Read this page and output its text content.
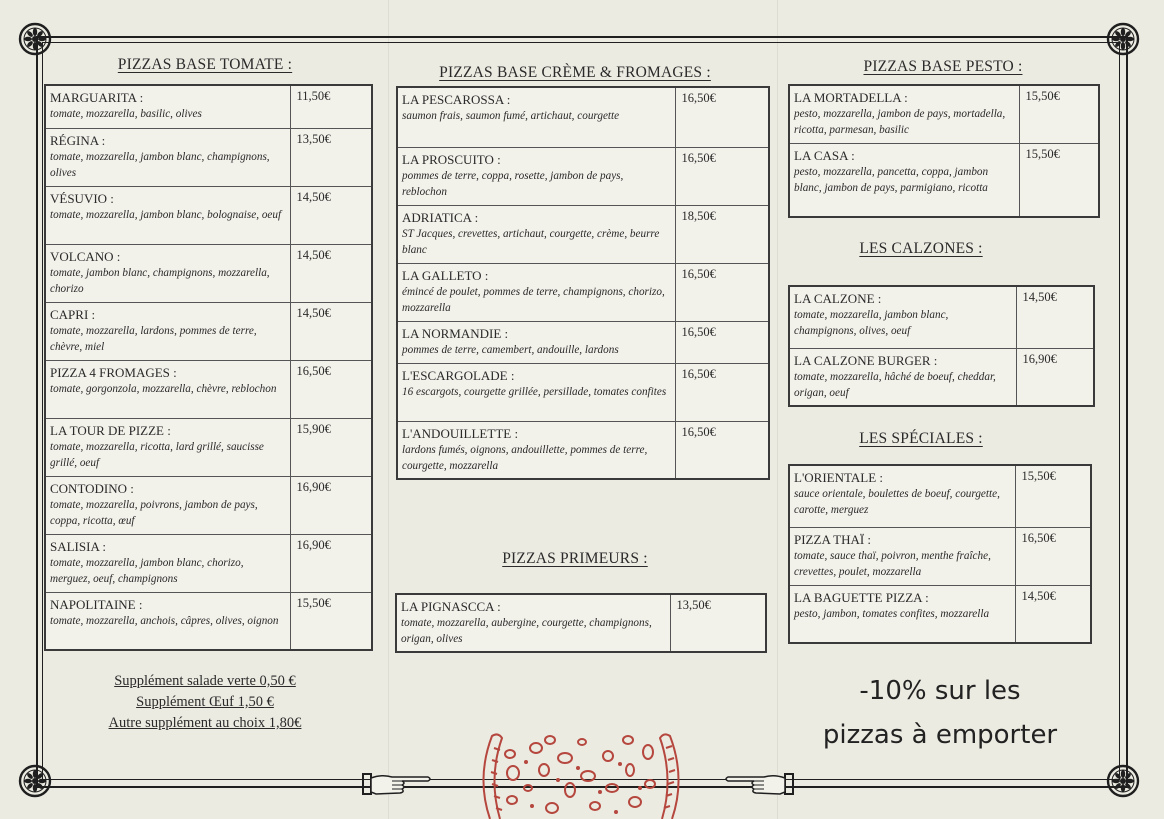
PIZZAS BASE TOMATE :
MARGUARITA :
tomate, mozzarella, basilic, olives	11,50€

RÉGINA :
tomate, mozzarella, jambon blanc, champignons, olives	13,50€

VÉSUVIO :
tomate, mozzarella, jambon blanc, bolognaise, oeuf	14,50€

VOLCANO :
tomate, jambon blanc, champignons, mozzarella, chorizo	14,50€

CAPRI :
tomate, mozzarella, lardons, pommes de terre, chèvre, miel	14,50€

PIZZA 4 FROMAGES :
tomate, gorgonzola, mozzarella, chèvre, reblochon	16,50€

LA TOUR DE PIZZE :
tomate, mozzarella, ricotta, lard grillé, saucisse grillé, oeuf	15,90€

CONTODINO :
tomate, mozzarella, poivrons, jambon de pays, coppa, ricotta, œuf	16,90€

SALISIA :
tomate, mozzarella, jambon blanc, chorizo, merguez, oeuf, champignons	16,90€

NAPOLITAINE :
tomate, mozzarella, anchois, câpres, olives, oignon	15,50€
Supplément salade verte 0,50 €
Supplément Œuf 1,50 €
Autre supplément au choix 1,80€
PIZZAS BASE CRÈME & FROMAGES :
LA PESCAROSSA :
saumon frais, saumon fumé, artichaut, courgette	16,50€

LA PROSCUITO :
pommes de terre, coppa, rosette, jambon de pays, reblochon	16,50€

ADRIATICA :
ST Jacques, crevettes, artichaut, courgette, crème, beurre blanc	18,50€

LA GALLETO :
émincé de poulet, pommes de terre, champignons, chorizo, mozzarella	16,50€

LA NORMANDIE :
pommes de terre, camembert, andouille, lardons	16,50€

L'ESCARGOLADE :
16 escargots, courgette grillée, persillade, tomates confites	16,50€

L'ANDOUILLETTE :
lardons fumés, oignons, andouillette, pommes de terre, courgette, mozzarella	16,50€
PIZZAS PRIMEURS :
LA PIGNASCCA :
tomate, mozzarella, aubergine, courgette, champignons, origan, olives	13,50€
PIZZAS BASE PESTO :
LA MORTADELLA :
pesto, mozzarella, jambon de pays, mortadella, ricotta, parmesan, basilic	15,50€

LA CASA :
pesto, mozzarella, pancetta, coppa, jambon blanc, jambon de pays, parmigiano, ricotta	15,50€
LES CALZONES :
LA CALZONE :
tomate, mozzarella, jambon blanc, champignons, olives, oeuf	14,50€

LA CALZONE BURGER :
tomate, mozzarella, hâché de boeuf, cheddar, origan, oeuf	16,90€
LES SPÉCIALES :
L'ORIENTALE :
sauce orientale, boulettes de boeuf, courgette, carotte, merguez	15,50€

PIZZA THAÏ :
tomate, sauce thaï, poivron, menthe fraîche, crevettes, poulet, mozzarella	16,50€

LA BAGUETTE PIZZA :
pesto, jambon, tomates confites, mozzarella	14,50€
-10% sur les
pizzas à emporter
